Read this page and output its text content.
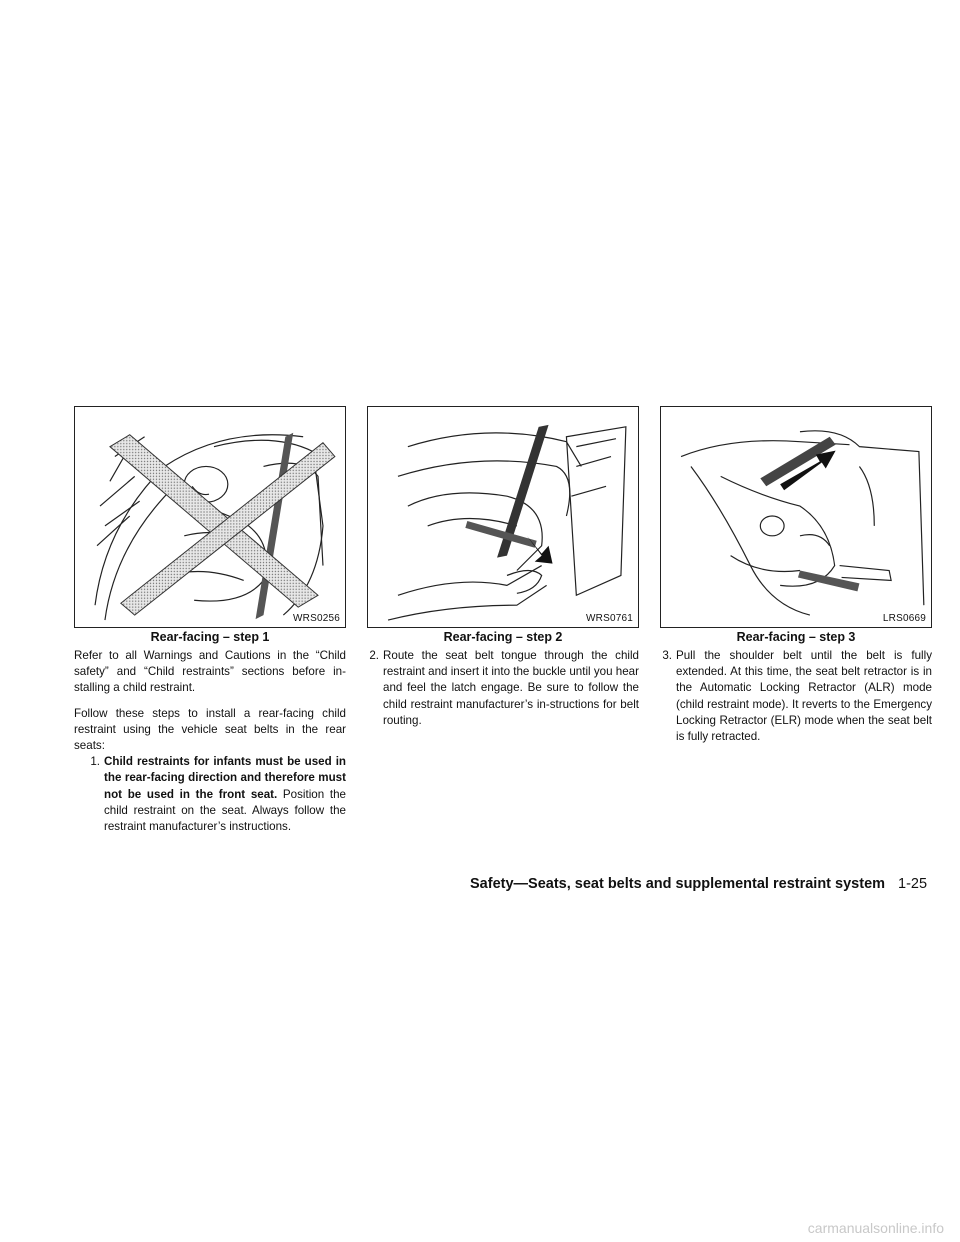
WRS0256	WRS0761	LRS0669
Rear-facing – step 1	Rear-facing – step 2	Rear-facing – step 3

Refer to all Warnings and Cautions in the “Child safety” and “Child restraints” sections before in-stalling a child restraint.

Follow these steps to install a rear-facing child restraint using the vehicle seat belts in the rear seats:

1. Child restraints for infants must be used in the rear-facing direction and therefore must not be used in the front seat. Position the child restraint on the seat. Always follow the restraint manufacturer’s instructions.
2. Route the seat belt tongue through the child restraint and insert it into the buckle until you hear and feel the latch engage. Be sure to follow the child restraint manufacturer’s in-structions for belt routing.
3. Pull the shoulder belt until the belt is fully extended. At this time, the seat belt retractor is in the Automatic Locking Retractor (ALR) mode (child restraint mode). It reverts to the Emergency Locking Retractor (ELR) mode when the seat belt is fully retracted.
Safety—Seats, seat belts and supplemental restraint system 1-25
carmanualsonline.info
